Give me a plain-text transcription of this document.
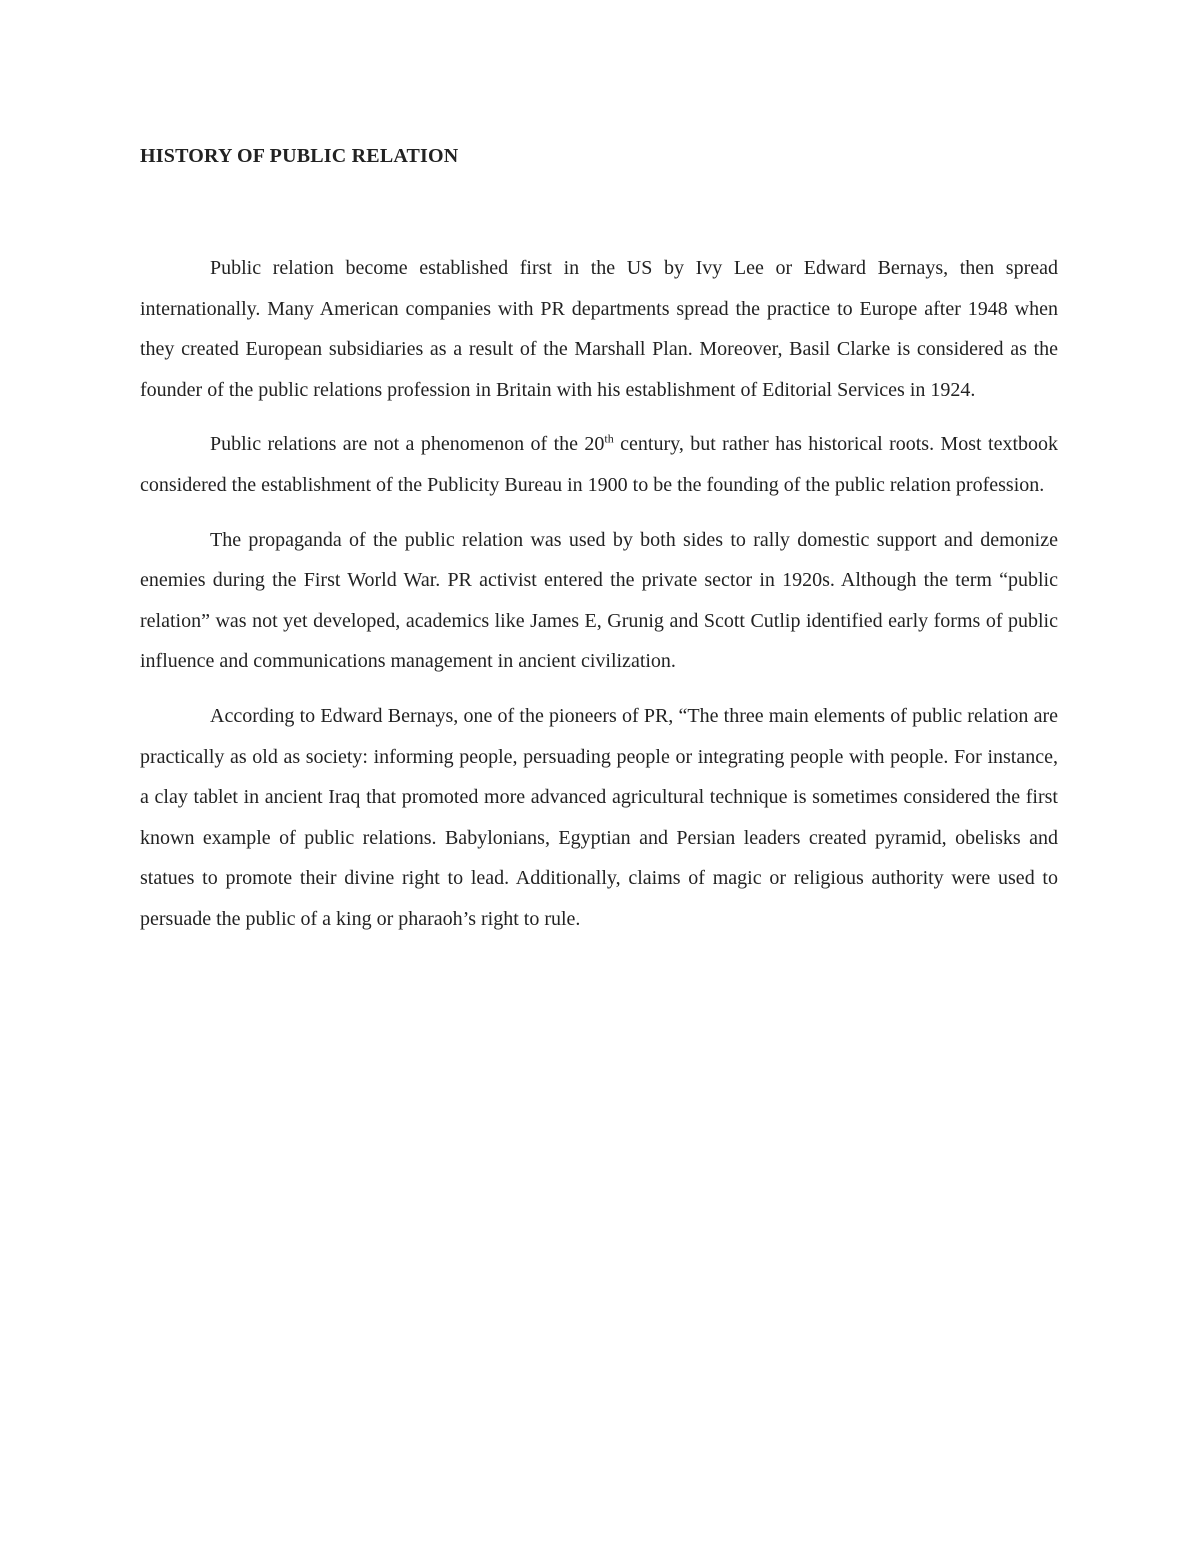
HISTORY OF PUBLIC RELATION

Public relation become established first in the US by Ivy Lee or Edward Bernays, then spread internationally. Many American companies with PR departments spread the practice to Europe after 1948 when they created European subsidiaries as a result of the Marshall Plan. Moreover, Basil Clarke is considered as the founder of the public relations profession in Britain with his establishment of Editorial Services in 1924.

Public relations are not a phenomenon of the 20th century, but rather has historical roots. Most textbook considered the establishment of the Publicity Bureau in 1900 to be the founding of the public relation profession.

The propaganda of the public relation was used by both sides to rally domestic support and demonize enemies during the First World War. PR activist entered the private sector in 1920s. Although the term “public relation” was not yet developed, academics like James E, Grunig and Scott Cutlip identified early forms of public influence and communications management in ancient civilization.

According to Edward Bernays, one of the pioneers of PR, “The three main elements of public relation are practically as old as society: informing people, persuading people or integrating people with people. For instance, a clay tablet in ancient Iraq that promoted more advanced agricultural technique is sometimes considered the first known example of public relations. Babylonians, Egyptian and Persian leaders created pyramid, obelisks and statues to promote their divine right to lead. Additionally, claims of magic or religious authority were used to persuade the public of a king or pharaoh’s right to rule.
